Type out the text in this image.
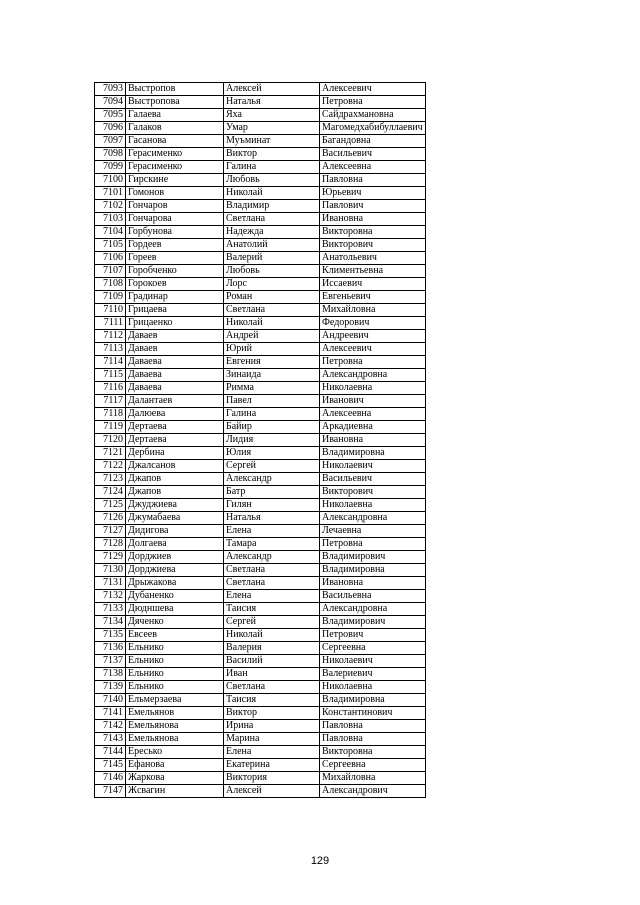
7093	Выстропов	Алексей	Алексеевич
7094	Выстропова	Наталья	Петровна
7095	Галаева	Яха	Сайдрахмановна
7096	Галаков	Умар	Магомедхабибуллаевич
7097	Гасанова	Муъминат	Багандовна
7098	Герасименко	Виктор	Васильевич
7099	Герасименко	Галина	Алексеевна
7100	Гирскине	Любовь	Павловна
7101	Гомонов	Николай	Юрьевич
7102	Гончаров	Владимир	Павлович
7103	Гончарова	Светлана	Ивановна
7104	Горбунова	Надежда	Викторовна
7105	Гордеев	Анатолий	Викторович
7106	Гореев	Валерий	Анатольевич
7107	Горобченко	Любовь	Климентьевна
7108	Горокоев	Лорс	Иссаевич
7109	Градинар	Роман	Евгеньевич
7110	Грицаева	Светлана	Михайловна
7111	Грицаенко	Николай	Федорович
7112	Даваев	Андрей	Андреевич
7113	Даваев	Юрий	Алексеевич
7114	Даваева	Евгения	Петровна
7115	Даваева	Зинаида	Александровна
7116	Даваева	Римма	Николаевна
7117	Далантаев	Павел	Иванович
7118	Далюева	Галина	Алексеевна
7119	Дертаева	Байир	Аркадиевна
7120	Дертаева	Лидия	Ивановна
7121	Дербина	Юлия	Владимировна
7122	Джалсанов	Сергей	Николаевич
7123	Джапов	Александр	Васильевич
7124	Джапов	Батр	Викторович
7125	Джуджиева	Гилян	Николаевна
7126	Джумабаева	Наталья	Александровна
7127	Дидигова	Елена	Лечаевна
7128	Долгаева	Тамара	Петровна
7129	Дорджиев	Александр	Владимирович
7130	Дорджиева	Светлана	Владимировна
7131	Дрыжакова	Светлана	Ивановна
7132	Дубаненко	Елена	Васильевна
7133	Дюдншева	Таисия	Александровна
7134	Дяченко	Сергей	Владимирович
7135	Евсеев	Николай	Петрович
7136	Ельнико	Валерия	Сергеевна
7137	Ельнико	Василий	Николаевич
7138	Ельнико	Иван	Валериевич
7139	Ельнико	Светлана	Николаевна
7140	Ельмерзаева	Таисия	Владимировна
7141	Емельянов	Виктор	Константинович
7142	Емельянова	Ирина	Павловна
7143	Емельянова	Марина	Павловна
7144	Ересько	Елена	Викторовна
7145	Ефанова	Екатерина	Сергеевна
7146	Жаркова	Виктория	Михайловна
7147	Жсвагин	Алексей	Александрович
129
